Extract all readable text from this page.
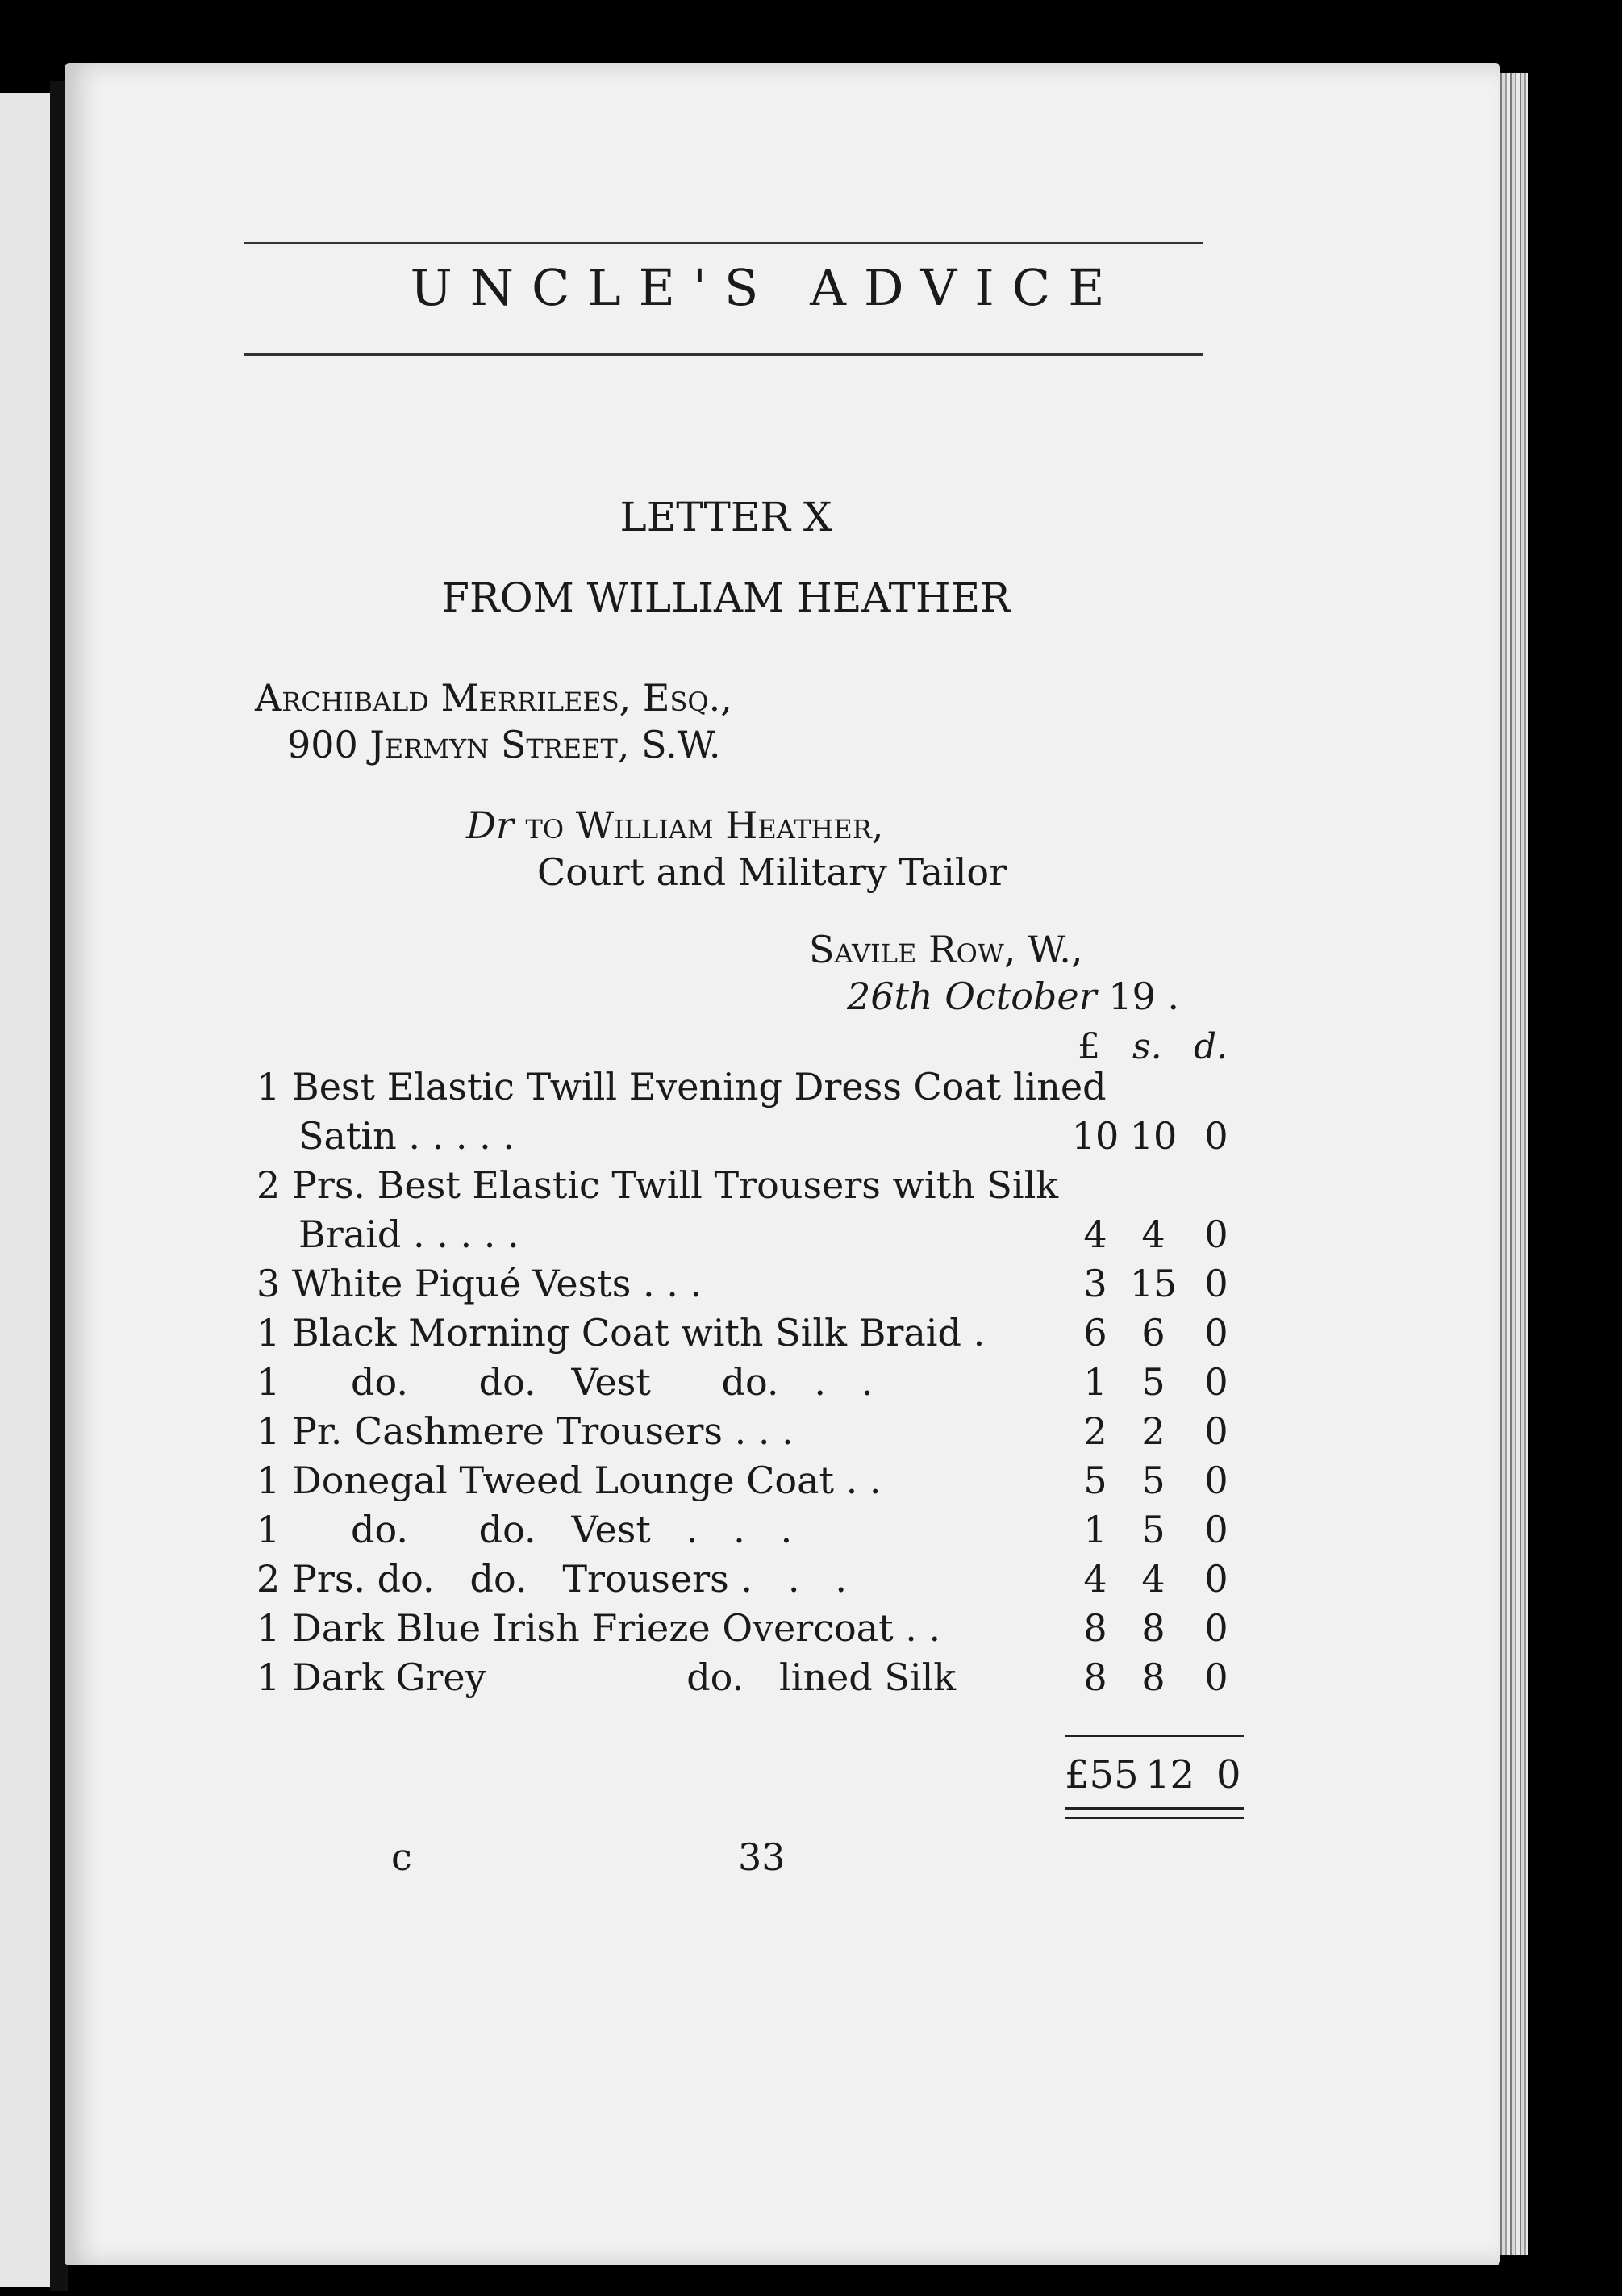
UNCLE'S ADVICE
LETTER X
FROM WILLIAM HEATHER
Archibald Merrilees, Esq.,
900 Jermyn Street, S.W.
Dr to William Heather,
Court and Military Tailor
Savile Row, W.,
26th October 19 .
£ s. d.
1 Best Elastic Twill Evening Dress Coat lined
Satin . . . . .	10 10 0
2 Prs. Best Elastic Twill Trousers with Silk
Braid . . . . .	4 4	0
3 White Piqué Vests . . .	3 15 0
1 Black Morning Coat with Silk Braid .	6 6	0
1      do.      do.   Vest      do.   .   .	1 5	0
1 Pr. Cashmere Trousers . . .	2 2	0
1 Donegal Tweed Lounge Coat . .	5 5	0
1      do.      do.   Vest   .   .   .	1 5	0
2 Prs. do.   do.   Trousers .   .   .	4 4	0
1 Dark Blue Irish Frieze Overcoat . .	8 8	0
1 Dark Grey                 do.   lined Silk	8 8	0
£55 12 0
c	33
